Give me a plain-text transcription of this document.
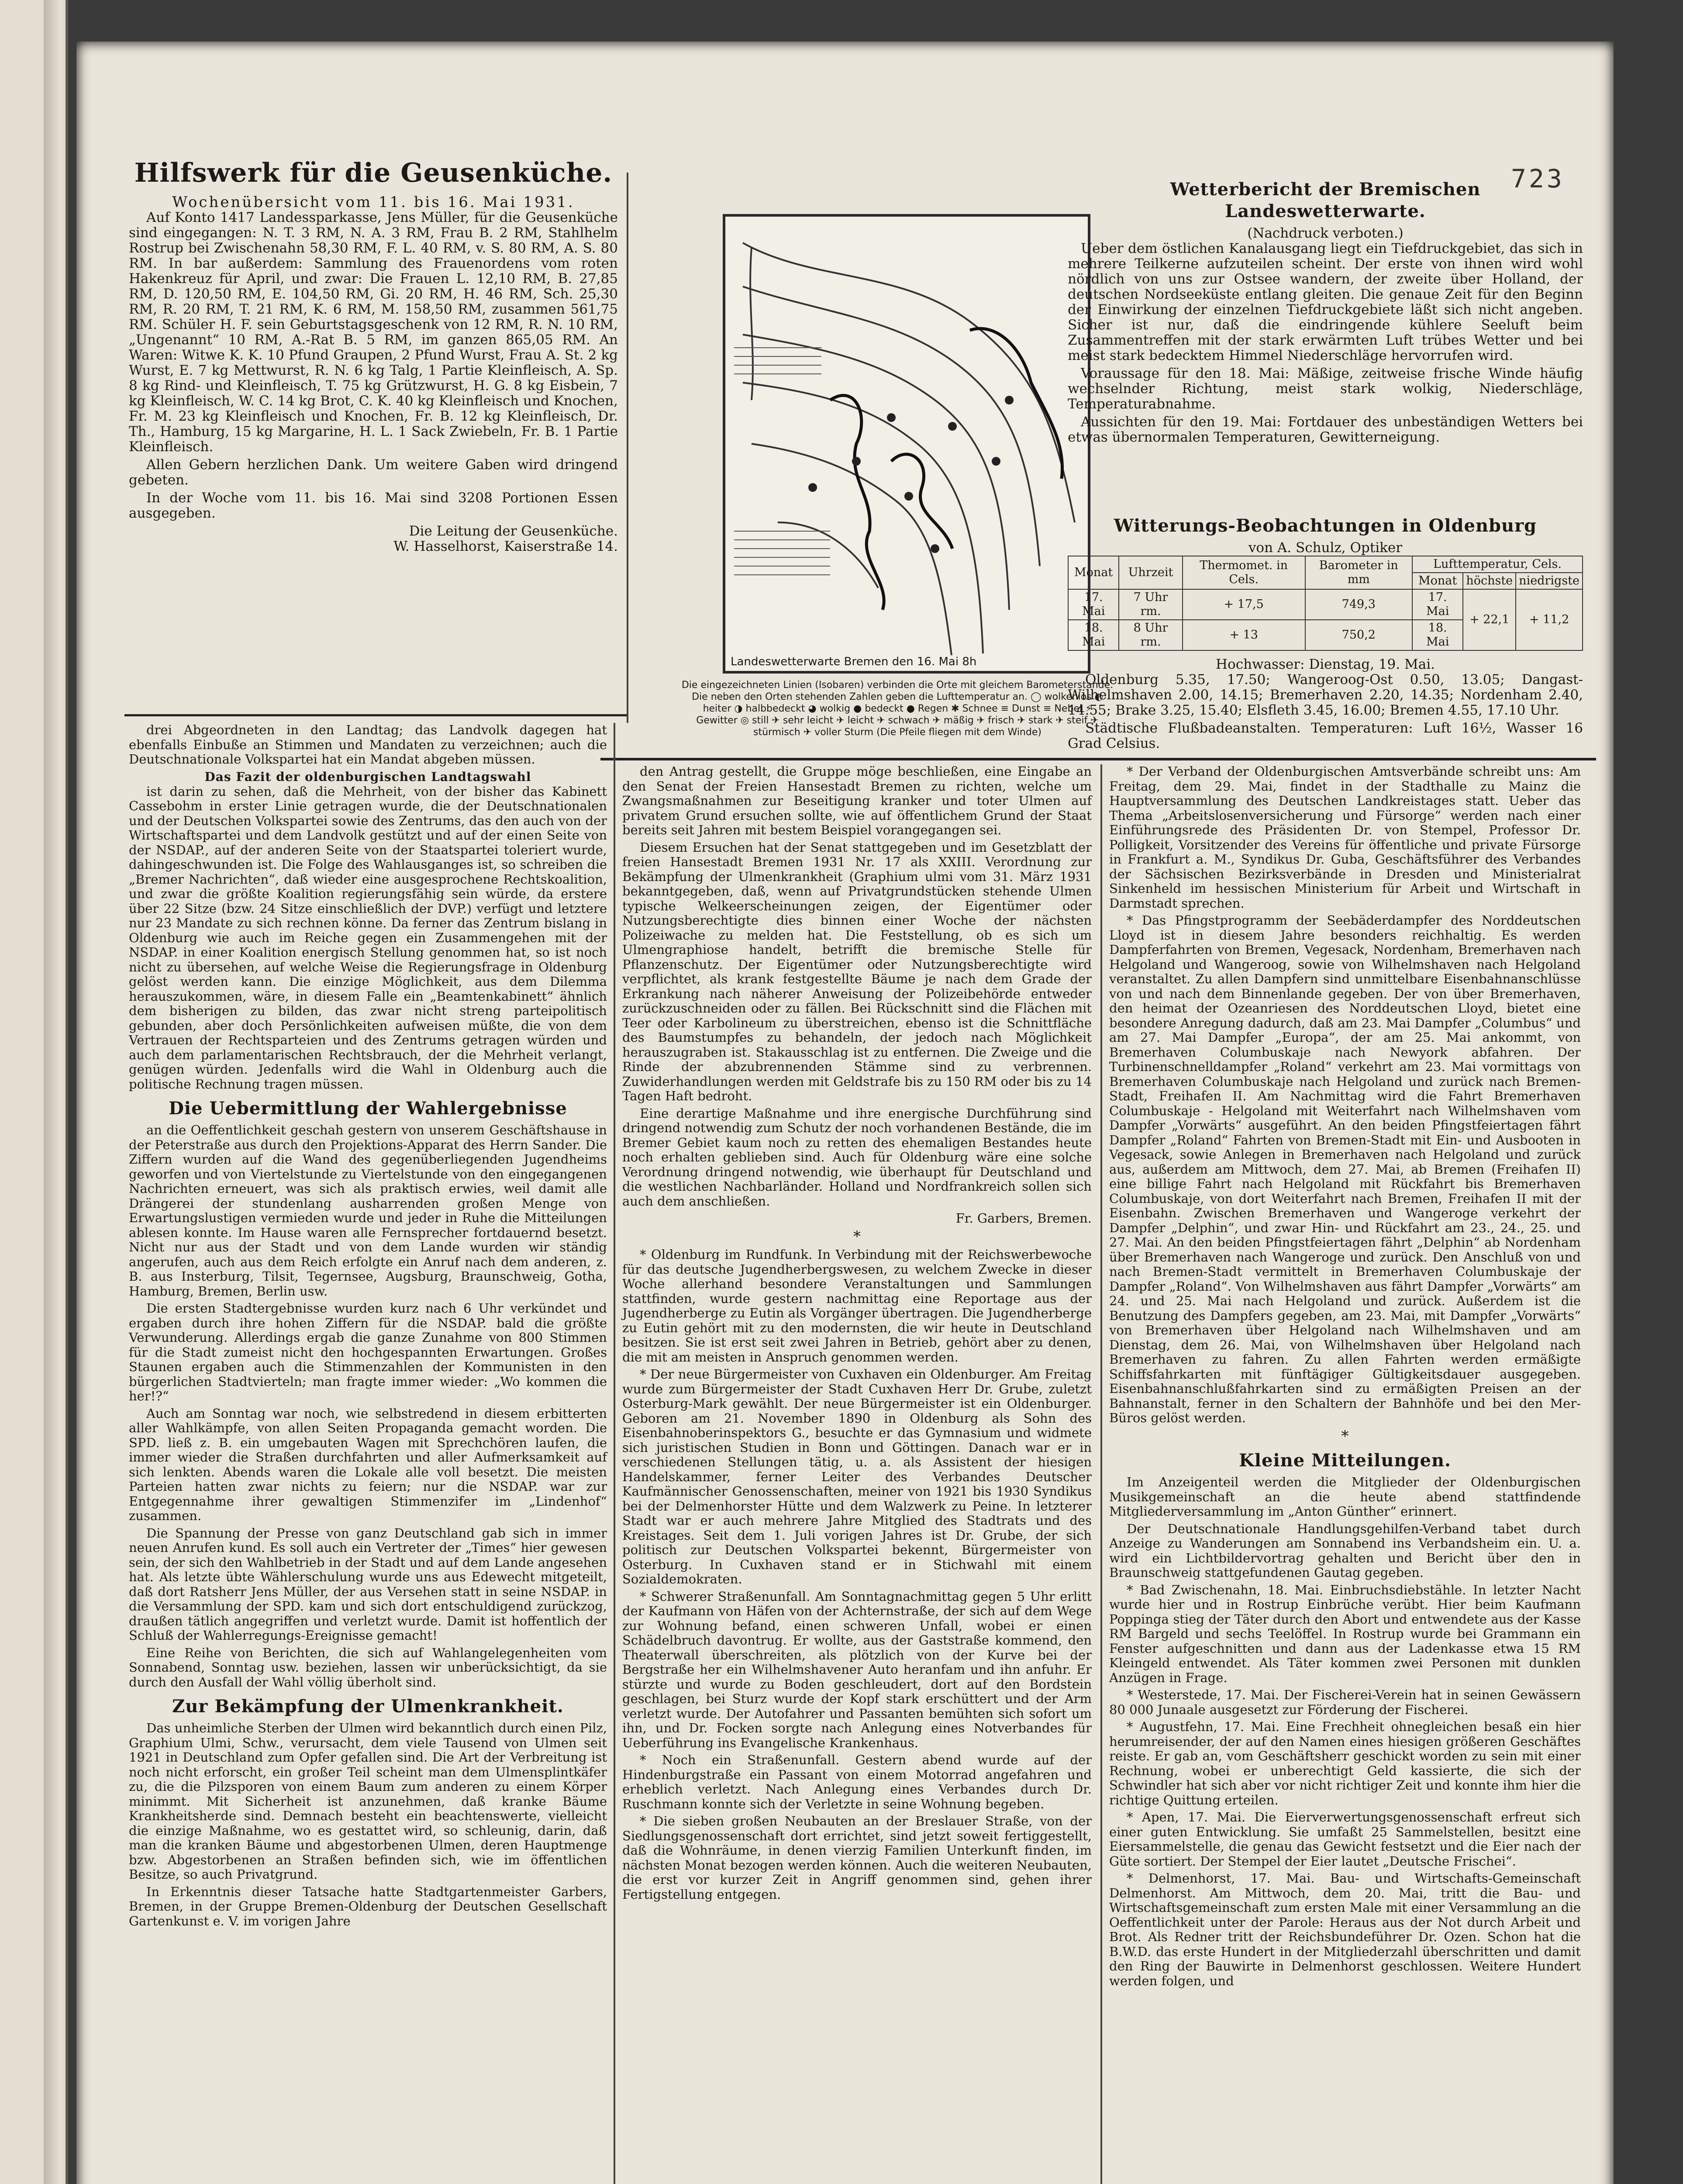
723
Hilfswerk für die Geusenküche.
Wochenübersicht vom 11. bis 16. Mai 1931.

Auf Konto 1417 Landessparkasse, Jens Müller, für die Geusenküche sind eingegangen: N. T. 3 RM, N. A. 3 RM, Frau B. 2 RM, Stahlhelm Rostrup bei Zwischenahn 58,30 RM, F. L. 40 RM, v. S. 80 RM, A. S. 80 RM. In bar außerdem: Sammlung des Frauenordens vom roten Hakenkreuz für April, und zwar: Die Frauen L. 12,10 RM, B. 27,85 RM, D. 120,50 RM, E. 104,50 RM, Gi. 20 RM, H. 46 RM, Sch. 25,30 RM, R. 20 RM, T. 21 RM, K. 6 RM, M. 158,50 RM, zusammen 561,75 RM. Schüler H. F. sein Geburtstagsgeschenk von 12 RM, R. N. 10 RM, „Ungenannt“ 10 RM, A.-Rat B. 5 RM, im ganzen 865,05 RM. An Waren: Witwe K. K. 10 Pfund Graupen, 2 Pfund Wurst, Frau A. St. 2 kg Wurst, E. 7 kg Mettwurst, R. N. 6 kg Talg, 1 Partie Kleinfleisch, A. Sp. 8 kg Rind- und Kleinfleisch, T. 75 kg Grützwurst, H. G. 8 kg Eisbein, 7 kg Kleinfleisch, W. C. 14 kg Brot, C. K. 40 kg Kleinfleisch und Knochen, Fr. M. 23 kg Kleinfleisch und Knochen, Fr. B. 12 kg Kleinfleisch, Dr. Th., Hamburg, 15 kg Margarine, H. L. 1 Sack Zwiebeln, Fr. B. 1 Partie Kleinfleisch.

Allen Gebern herzlichen Dank. Um weitere Gaben wird dringend gebeten.

In der Woche vom 11. bis 16. Mai sind 3208 Portionen Essen ausgegeben.

Die Leitung der Geusenküche.
W. Hasselhorst, Kaiserstraße 14.
Landeswetterwarte Bremen den 16. Mai 8h
Die eingezeichneten Linien (Isobaren) verbinden die Orte mit gleichem Barometerstande. Die neben den Orten stehenden Zahlen geben die Lufttemperatur an. ◯ wolkenlos ◐ heiter ◑ halbbedeckt ◕ wolkig ● bedeckt ● Regen ✱ Schnee ≡ Dunst ≡ Nebel ⚡ Gewitter ◎ still ✈ sehr leicht ✈ leicht ✈ schwach ✈ mäßig ✈ frisch ✈ stark ✈ steif ✈ stürmisch ✈ voller Sturm (Die Pfeile fliegen mit dem Winde)
Wetterbericht der Bremischen Landeswetterwarte.
(Nachdruck verboten.)

Ueber dem östlichen Kanalausgang liegt ein Tiefdruckgebiet, das sich in mehrere Teilkerne aufzuteilen scheint. Der erste von ihnen wird wohl nördlich von uns zur Ostsee wandern, der zweite über Holland, der deutschen Nordseeküste entlang gleiten. Die genaue Zeit für den Beginn der Einwirkung der einzelnen Tiefdruckgebiete läßt sich nicht angeben. Sicher ist nur, daß die eindringende kühlere Seeluft beim Zusammentreffen mit der stark erwärmten Luft trübes Wetter und bei meist stark bedecktem Himmel Niederschläge hervorrufen wird.

Voraussage für den 18. Mai: Mäßige, zeitweise frische Winde häufig wechselnder Richtung, meist stark wolkig, Niederschläge, Temperaturabnahme.

Aussichten für den 19. Mai: Fortdauer des unbeständigen Wetters bei etwas übernormalen Temperaturen, Gewitterneigung.

Witterungs-Beobachtungen in Oldenburg
von A. Schulz, Optiker
Monat	Uhrzeit	Thermomet. in Cels.	Barometer in mm	Lufttemperatur, Cels.		
				Monat	höchste	niedrigste
17. Mai	7 Uhr rm.	+ 17,5	749,3	17. Mai	+ 22,1	+ 11,2
18. Mai	8 Uhr rm.	+ 13	750,2	18. Mai		
Hochwasser: Dienstag, 19. Mai.

Oldenburg 5.35, 17.50; Wangeroog-Ost 0.50, 13.05; Dangast-Wilhelmshaven 2.00, 14.15; Bremerhaven 2.20, 14.35; Nordenham 2.40, 14.55; Brake 3.25, 15.40; Elsfleth 3.45, 16.00; Bremen 4.55, 17.10 Uhr.

Städtische Flußbadeanstalten. Temperaturen: Luft 16½, Wasser 16 Grad Celsius.

drei Abgeordneten in den Landtag; das Landvolk dagegen hat ebenfalls Einbuße an Stimmen und Mandaten zu verzeichnen; auch die Deutschnationale Volkspartei hat ein Mandat abgeben müssen.

Das Fazit der oldenburgischen Landtagswahl

ist darin zu sehen, daß die Mehrheit, von der bisher das Kabinett Cassebohm in erster Linie getragen wurde, die der Deutschnationalen und der Deutschen Volkspartei sowie des Zentrums, das den auch von der Wirtschaftspartei und dem Landvolk gestützt und auf der einen Seite von der NSDAP., auf der anderen Seite von der Staatspartei toleriert wurde, dahingeschwunden ist. Die Folge des Wahlausganges ist, so schreiben die „Bremer Nachrichten“, daß wieder eine ausgesprochene Rechtskoalition, und zwar die größte Koalition regierungsfähig sein würde, da erstere über 22 Sitze (bzw. 24 Sitze einschließlich der DVP.) verfügt und letztere nur 23 Mandate zu sich rechnen könne. Da ferner das Zentrum bislang in Oldenburg wie auch im Reiche gegen ein Zusammengehen mit der NSDAP. in einer Koalition energisch Stellung genommen hat, so ist noch nicht zu übersehen, auf welche Weise die Regierungsfrage in Oldenburg gelöst werden kann. Die einzige Möglichkeit, aus dem Dilemma herauszukommen, wäre, in diesem Falle ein „Beamtenkabinett“ ähnlich dem bisherigen zu bilden, das zwar nicht streng parteipolitisch gebunden, aber doch Persönlichkeiten aufweisen müßte, die von dem Vertrauen der Rechtsparteien und des Zentrums getragen würden und auch dem parlamentarischen Rechtsbrauch, der die Mehrheit verlangt, genügen würden. Jedenfalls wird die Wahl in Oldenburg auch die politische Rechnung tragen müssen.

Die Uebermittlung der Wahlergebnisse

an die Oeffentlichkeit geschah gestern von unserem Geschäftshause in der Peterstraße aus durch den Projektions-Apparat des Herrn Sander. Die Ziffern wurden auf die Wand des gegenüberliegenden Jugendheims geworfen und von Viertelstunde zu Viertelstunde von den eingegangenen Nachrichten erneuert, was sich als praktisch erwies, weil damit alle Drängerei der stundenlang ausharrenden großen Menge von Erwartungslustigen vermieden wurde und jeder in Ruhe die Mitteilungen ablesen konnte. Im Hause waren alle Fernsprecher fortdauernd besetzt. Nicht nur aus der Stadt und von dem Lande wurden wir ständig angerufen, auch aus dem Reich erfolgte ein Anruf nach dem anderen, z. B. aus Insterburg, Tilsit, Tegernsee, Augsburg, Braunschweig, Gotha, Hamburg, Bremen, Berlin usw.

Die ersten Stadtergebnisse wurden kurz nach 6 Uhr verkündet und ergaben durch ihre hohen Ziffern für die NSDAP. bald die größte Verwunderung. Allerdings ergab die ganze Zunahme von 800 Stimmen für die Stadt zumeist nicht den hochgespannten Erwartungen. Großes Staunen ergaben auch die Stimmenzahlen der Kommunisten in den bürgerlichen Stadtvierteln; man fragte immer wieder: „Wo kommen die her!?“

Auch am Sonntag war noch, wie selbstredend in diesem erbitterten aller Wahlkämpfe, von allen Seiten Propaganda gemacht worden. Die SPD. ließ z. B. ein umgebauten Wagen mit Sprechchören laufen, die immer wieder die Straßen durchfahrten und aller Aufmerksamkeit auf sich lenkten. Abends waren die Lokale alle voll besetzt. Die meisten Parteien hatten zwar nichts zu feiern; nur die NSDAP. war zur Entgegennahme ihrer gewaltigen Stimmenzifer im „Lindenhof“ zusammen.

Die Spannung der Presse von ganz Deutschland gab sich in immer neuen Anrufen kund. Es soll auch ein Vertreter der „Times“ hier gewesen sein, der sich den Wahlbetrieb in der Stadt und auf dem Lande angesehen hat. Als letzte übte Wählerschulung wurde uns aus Edewecht mitgeteilt, daß dort Ratsherr Jens Müller, der aus Versehen statt in seine NSDAP. in die Versammlung der SPD. kam und sich dort entschuldigend zurückzog, draußen tätlich angegriffen und verletzt wurde. Damit ist hoffentlich der Schluß der Wahlerregungs-Ereignisse gemacht!

Eine Reihe von Berichten, die sich auf Wahlangelegenheiten vom Sonnabend, Sonntag usw. beziehen, lassen wir unberücksichtigt, da sie durch den Ausfall der Wahl völlig überholt sind.

Zur Bekämpfung der Ulmenkrankheit.

Das unheimliche Sterben der Ulmen wird bekanntlich durch einen Pilz, Graphium Ulmi, Schw., verursacht, dem viele Tausend von Ulmen seit 1921 in Deutschland zum Opfer gefallen sind. Die Art der Verbreitung ist noch nicht erforscht, ein großer Teil scheint man dem Ulmensplintkäfer zu, die die Pilzsporen von einem Baum zum anderen zu einem Körper minimmt. Mit Sicherheit ist anzunehmen, daß kranke Bäume Krankheitsherde sind. Demnach besteht ein beachtenswerte, vielleicht die einzige Maßnahme, wo es gestattet wird, so schleunig, darin, daß man die kranken Bäume und abgestorbenen Ulmen, deren Hauptmenge bzw. Abgestorbenen an Straßen befinden sich, wie im öffentlichen Besitze, so auch Privatgrund.

In Erkenntnis dieser Tatsache hatte Stadtgartenmeister Garbers, Bremen, in der Gruppe Bremen-Oldenburg der Deutschen Gesellschaft Gartenkunst e. V. im vorigen Jahre

den Antrag gestellt, die Gruppe möge beschließen, eine Eingabe an den Senat der Freien Hansestadt Bremen zu richten, welche um Zwangsmaßnahmen zur Beseitigung kranker und toter Ulmen auf privatem Grund ersuchen sollte, wie auf öffentlichem Grund der Staat bereits seit Jahren mit bestem Beispiel vorangegangen sei.

Diesem Ersuchen hat der Senat stattgegeben und im Gesetzblatt der freien Hansestadt Bremen 1931 Nr. 17 als XXIII. Verordnung zur Bekämpfung der Ulmenkrankheit (Graphium ulmi vom 31. März 1931 bekanntgegeben, daß, wenn auf Privatgrundstücken stehende Ulmen typische Welkeerscheinungen zeigen, der Eigentümer oder Nutzungsberechtigte dies binnen einer Woche der nächsten Polizeiwache zu melden hat. Die Feststellung, ob es sich um Ulmengraphiose handelt, betrifft die bremische Stelle für Pflanzenschutz. Der Eigentümer oder Nutzungsberechtigte wird verpflichtet, als krank festgestellte Bäume je nach dem Grade der Erkrankung nach näherer Anweisung der Polizeibehörde entweder zurückzuschneiden oder zu fällen. Bei Rückschnitt sind die Flächen mit Teer oder Karbolineum zu überstreichen, ebenso ist die Schnittfläche des Baumstumpfes zu behandeln, der jedoch nach Möglichkeit herauszugraben ist. Stakausschlag ist zu entfernen. Die Zweige und die Rinde der abzubrennenden Stämme sind zu verbrennen. Zuwiderhandlungen werden mit Geldstrafe bis zu 150 RM oder bis zu 14 Tagen Haft bedroht.

Eine derartige Maßnahme und ihre energische Durchführung sind dringend notwendig zum Schutz der noch vorhandenen Bestände, die im Bremer Gebiet kaum noch zu retten des ehemaligen Bestandes heute noch erhalten geblieben sind. Auch für Oldenburg wäre eine solche Verordnung dringend notwendig, wie überhaupt für Deutschland und die westlichen Nachbarländer. Holland und Nordfrankreich sollen sich auch dem anschließen.

Fr. Garbers, Bremen.
*

* Oldenburg im Rundfunk. In Verbindung mit der Reichswerbewoche für das deutsche Jugendherbergswesen, zu welchem Zwecke in dieser Woche allerhand besondere Veranstaltungen und Sammlungen stattfinden, wurde gestern nachmittag eine Reportage aus der Jugendherberge zu Eutin als Vorgänger übertragen. Die Jugendherberge zu Eutin gehört mit zu den modernsten, die wir heute in Deutschland besitzen. Sie ist erst seit zwei Jahren in Betrieb, gehört aber zu denen, die mit am meisten in Anspruch genommen werden.

* Der neue Bürgermeister von Cuxhaven ein Oldenburger. Am Freitag wurde zum Bürgermeister der Stadt Cuxhaven Herr Dr. Grube, zuletzt Osterburg-Mark gewählt. Der neue Bürgermeister ist ein Oldenburger. Geboren am 21. November 1890 in Oldenburg als Sohn des Eisenbahnoberinspektors G., besuchte er das Gymnasium und widmete sich juristischen Studien in Bonn und Göttingen. Danach war er in verschiedenen Stellungen tätig, u. a. als Assistent der hiesigen Handelskammer, ferner Leiter des Verbandes Deutscher Kaufmännischer Genossenschaften, meiner von 1921 bis 1930 Syndikus bei der Delmenhorster Hütte und dem Walzwerk zu Peine. In letzterer Stadt war er auch mehrere Jahre Mitglied des Stadtrats und des Kreistages. Seit dem 1. Juli vorigen Jahres ist Dr. Grube, der sich politisch zur Deutschen Volkspartei bekennt, Bürgermeister von Osterburg. In Cuxhaven stand er in Stichwahl mit einem Sozialdemokraten.

* Schwerer Straßenunfall. Am Sonntagnachmittag gegen 5 Uhr erlitt der Kaufmann von Häfen von der Achternstraße, der sich auf dem Wege zur Wohnung befand, einen schweren Unfall, wobei er einen Schädelbruch davontrug. Er wollte, aus der Gaststraße kommend, den Theaterwall überschreiten, als plötzlich von der Kurve bei der Bergstraße her ein Wilhelmshavener Auto heranfam und ihn anfuhr. Er stürzte und wurde zu Boden geschleudert, dort auf den Bordstein geschlagen, bei Sturz wurde der Kopf stark erschüttert und der Arm verletzt wurde. Der Autofahrer und Passanten bemühten sich sofort um ihn, und Dr. Focken sorgte nach Anlegung eines Notverbandes für Ueberführung ins Evangelische Krankenhaus.

* Noch ein Straßenunfall. Gestern abend wurde auf der Hindenburgstraße ein Passant von einem Motorrad angefahren und erheblich verletzt. Nach Anlegung eines Verbandes durch Dr. Ruschmann konnte sich der Verletzte in seine Wohnung begeben.

* Die sieben großen Neubauten an der Breslauer Straße, von der Siedlungsgenossenschaft dort errichtet, sind jetzt soweit fertiggestellt, daß die Wohnräume, in denen vierzig Familien Unterkunft finden, im nächsten Monat bezogen werden können. Auch die weiteren Neubauten, die erst vor kurzer Zeit in Angriff genommen sind, gehen ihrer Fertigstellung entgegen.

* Der Verband der Oldenburgischen Amtsverbände schreibt uns: Am Freitag, dem 29. Mai, findet in der Stadthalle zu Mainz die Hauptversammlung des Deutschen Landkreistages statt. Ueber das Thema „Arbeitslosenversicherung und Fürsorge“ werden nach einer Einführungsrede des Präsidenten Dr. von Stempel, Professor Dr. Polligkeit, Vorsitzender des Vereins für öffentliche und private Fürsorge in Frankfurt a. M., Syndikus Dr. Guba, Geschäftsführer des Verbandes der Sächsischen Bezirksverbände in Dresden und Ministerialrat Sinkenheld im hessischen Ministerium für Arbeit und Wirtschaft in Darmstadt sprechen.

* Das Pfingstprogramm der Seebäderdampfer des Norddeutschen Lloyd ist in diesem Jahre besonders reichhaltig. Es werden Dampferfahrten von Bremen, Vegesack, Nordenham, Bremerhaven nach Helgoland und Wangeroog, sowie von Wilhelmshaven nach Helgoland veranstaltet. Zu allen Dampfern sind unmittelbare Eisenbahnanschlüsse von und nach dem Binnenlande gegeben. Der von über Bremerhaven, den heimat der Ozeanriesen des Norddeutschen Lloyd, bietet eine besondere Anregung dadurch, daß am 23. Mai Dampfer „Columbus“ und am 27. Mai Dampfer „Europa“, der am 25. Mai ankommt, von Bremerhaven Columbuskaje nach Newyork abfahren. Der Turbinenschnelldampfer „Roland“ verkehrt am 23. Mai vormittags von Bremerhaven Columbuskaje nach Helgoland und zurück nach Bremen-Stadt, Freihafen II. Am Nachmittag wird die Fahrt Bremerhaven Columbuskaje - Helgoland mit Weiterfahrt nach Wilhelmshaven vom Dampfer „Vorwärts“ ausgeführt. An den beiden Pfingstfeiertagen fährt Dampfer „Roland“ Fahrten von Bremen-Stadt mit Ein- und Ausbooten in Vegesack, sowie Anlegen in Bremerhaven nach Helgoland und zurück aus, außerdem am Mittwoch, dem 27. Mai, ab Bremen (Freihafen II) eine billige Fahrt nach Helgoland mit Rückfahrt bis Bremerhaven Columbuskaje, von dort Weiterfahrt nach Bremen, Freihafen II mit der Eisenbahn. Zwischen Bremerhaven und Wangeroge verkehrt der Dampfer „Delphin“, und zwar Hin- und Rückfahrt am 23., 24., 25. und 27. Mai. An den beiden Pfingstfeiertagen fährt „Delphin“ ab Nordenham über Bremerhaven nach Wangeroge und zurück. Den Anschluß von und nach Bremen-Stadt vermittelt in Bremerhaven Columbuskaje der Dampfer „Roland“. Von Wilhelmshaven aus fährt Dampfer „Vorwärts“ am 24. und 25. Mai nach Helgoland und zurück. Außerdem ist die Benutzung des Dampfers gegeben, am 23. Mai, mit Dampfer „Vorwärts“ von Bremerhaven über Helgoland nach Wilhelmshaven und am Dienstag, dem 26. Mai, von Wilhelmshaven über Helgoland nach Bremerhaven zu fahren. Zu allen Fahrten werden ermäßigte Schiffsfahrkarten mit fünftägiger Gültigkeitsdauer ausgegeben. Eisenbahnanschlußfahrkarten sind zu ermäßigten Preisen an der Bahnanstalt, ferner in den Schaltern der Bahnhöfe und bei den Mer-Büros gelöst werden.

*
Kleine Mitteilungen.

Im Anzeigenteil werden die Mitglieder der Oldenburgischen Musikgemeinschaft an die heute abend stattfindende Mitgliederversammlung im „Anton Günther“ erinnert.

Der Deutschnationale Handlungsgehilfen-Verband tabet durch Anzeige zu Wanderungen am Sonnabend ins Verbandsheim ein. U. a. wird ein Lichtbildervortrag gehalten und Bericht über den in Braunschweig stattgefundenen Gautag gegeben.

* Bad Zwischenahn, 18. Mai. Einbruchsdiebstähle. In letzter Nacht wurde hier und in Rostrup Einbrüche verübt. Hier beim Kaufmann Poppinga stieg der Täter durch den Abort und entwendete aus der Kasse RM Bargeld und sechs Teelöffel. In Rostrup wurde bei Grammann ein Fenster aufgeschnitten und dann aus der Ladenkasse etwa 15 RM Kleingeld entwendet. Als Täter kommen zwei Personen mit dunklen Anzügen in Frage.

* Westerstede, 17. Mai. Der Fischerei-Verein hat in seinen Gewässern 80 000 Junaale ausgesetzt zur Förderung der Fischerei.

* Augustfehn, 17. Mai. Eine Frechheit ohnegleichen besaß ein hier herumreisender, der auf den Namen eines hiesigen größeren Geschäftes reiste. Er gab an, vom Geschäftsherr geschickt worden zu sein mit einer Rechnung, wobei er unberechtigt Geld kassierte, die sich der Schwindler hat sich aber vor nicht richtiger Zeit und konnte ihm hier die richtige Quittung erteilen.

* Apen, 17. Mai. Die Eierverwertungsgenossenschaft erfreut sich einer guten Entwicklung. Sie umfaßt 25 Sammelstellen, besitzt eine Eiersammelstelle, die genau das Gewicht festsetzt und die Eier nach der Güte sortiert. Der Stempel der Eier lautet „Deutsche Frischei“.

* Delmenhorst, 17. Mai. Bau- und Wirtschafts-Gemeinschaft Delmenhorst. Am Mittwoch, dem 20. Mai, tritt die Bau- und Wirtschaftsgemeinschaft zum ersten Male mit einer Versammlung an die Oeffentlichkeit unter der Parole: Heraus aus der Not durch Arbeit und Brot. Als Redner tritt der Reichsbundeführer Dr. Ozen. Schon hat die B.W.D. das erste Hundert in der Mitgliederzahl überschritten und damit den Ring der Bauwirte in Delmenhorst geschlossen. Weitere Hundert werden folgen, und
